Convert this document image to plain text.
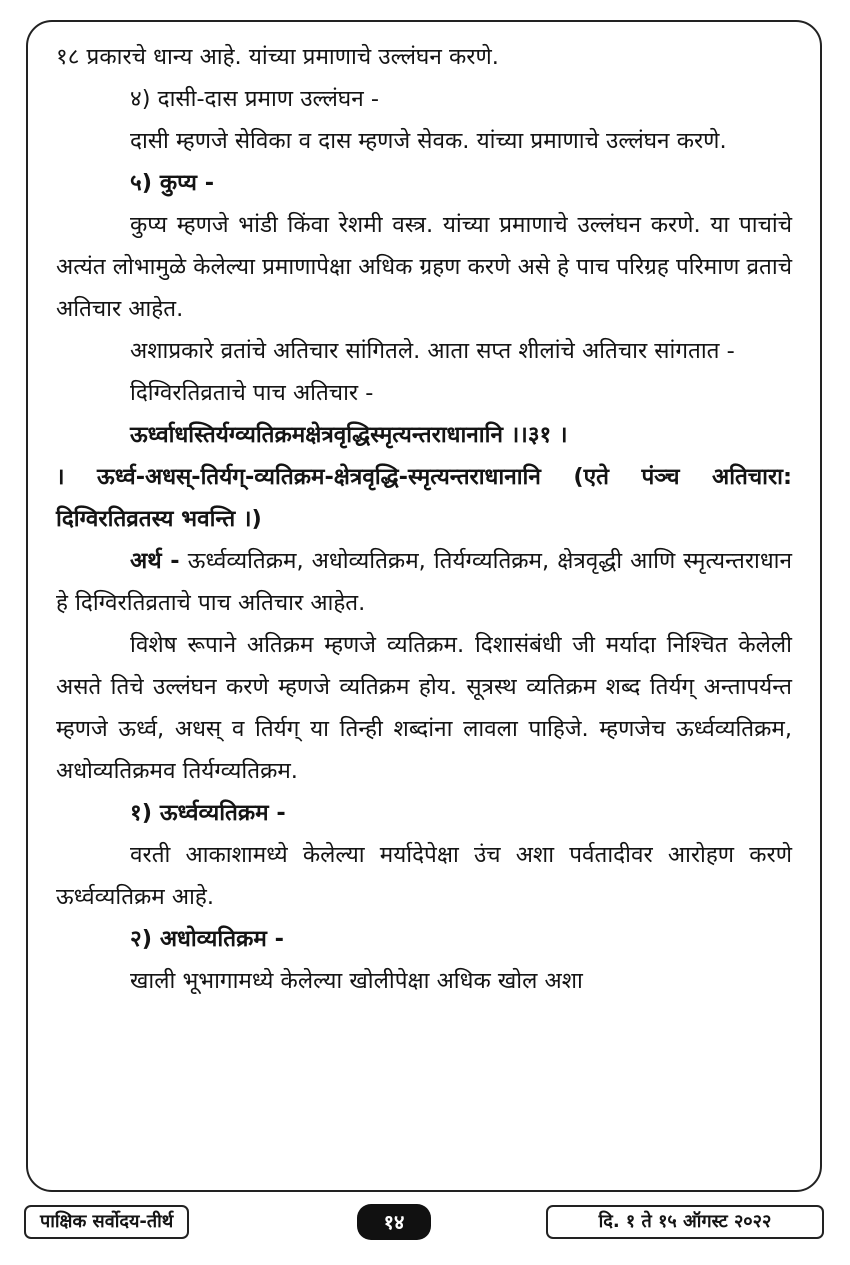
१८ प्रकारचे धान्य आहे. यांच्या प्रमाणाचे उल्लंघन करणे.

४) दासी-दास प्रमाण उल्लंघन -

दासी म्हणजे सेविका व दास म्हणजे सेवक. यांच्या प्रमाणाचे उल्लंघन करणे.

५) कुप्य -

कुप्य म्हणजे भांडी किंवा रेशमी वस्त्र. यांच्या प्रमाणाचे उल्लंघन करणे. या पाचांचे अत्यंत लोभामुळे केलेल्या प्रमाणापेक्षा अधिक ग्रहण करणे असे हे पाच परिग्रह परिमाण व्रताचे अतिचार आहेत.

अशाप्रकारे व्रतांचे अतिचार सांगितले. आता सप्त शीलांचे अतिचार सांगतात -

दिग्विरतिव्रताचे पाच अतिचार -

ऊर्ध्वाधस्तिर्यग्व्यतिक्रमक्षेत्रवृद्धिस्मृत्यन्तराधानानि ।।३१ ।

। ऊर्ध्व-अधस्-तिर्यग्-व्यतिक्रम-क्षेत्रवृद्धि-स्मृत्यन्तराधानानि (एते पंञ्च अतिचारा: दिग्विरतिव्रतस्य भवन्ति ।)

अर्थ - ऊर्ध्वव्यतिक्रम, अधोव्यतिक्रम, तिर्यग्व्यतिक्रम, क्षेत्रवृद्धी आणि स्मृत्यन्तराधान हे दिग्विरतिव्रताचे पाच अतिचार आहेत.

विशेष रूपाने अतिक्रम म्हणजे व्यतिक्रम. दिशासंबंधी जी मर्यादा निश्चित केलेली असते तिचे उल्लंघन करणे म्हणजे व्यतिक्रम होय. सूत्रस्थ व्यतिक्रम शब्द तिर्यग् अन्तापर्यन्त म्हणजे ऊर्ध्व, अधस् व तिर्यग् या तिन्ही शब्दांना लावला पाहिजे. म्हणजेच ऊर्ध्वव्यतिक्रम, अधोव्यतिक्रमव तिर्यग्व्यतिक्रम.

१) ऊर्ध्वव्यतिक्रम -

वरती आकाशामध्ये केलेल्या मर्यादेपेक्षा उंच अशा पर्वतादीवर आरोहण करणे ऊर्ध्वव्यतिक्रम आहे.

२) अधोव्यतिक्रम -

खाली भूभागामध्ये केलेल्या खोलीपेक्षा अधिक खोल अशा

पाक्षिक सर्वोदय-तीर्थ	१४	दि. १ ते १५ ऑगस्ट २०२२
